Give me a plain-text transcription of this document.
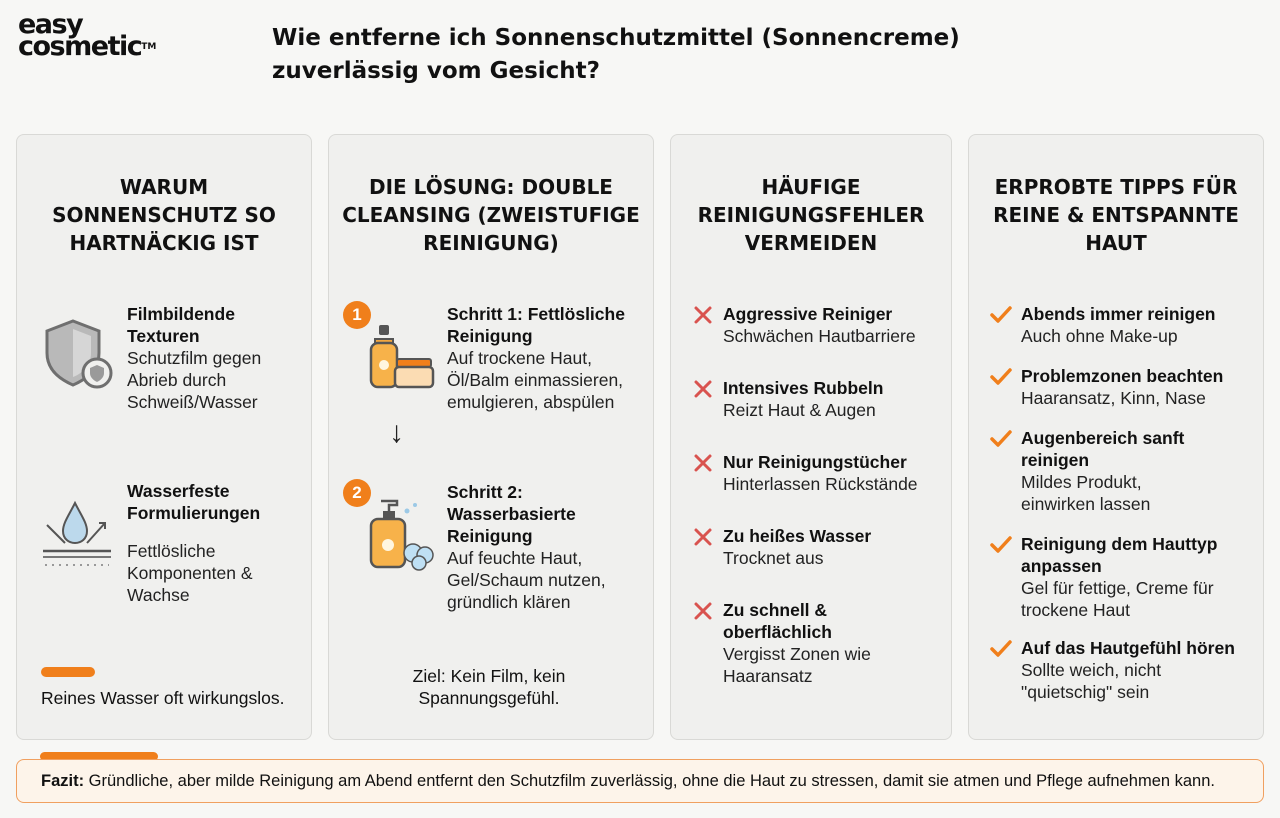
easy
cosmetic™	Wie entferne ich Sonnenschutzmittel (Sonnencreme) zuverlässig vom Gesicht?
WARUM SONNENSCHUTZ SO HARTNÄCKIG IST
Filmbildende Texturen
Schutzfilm gegen Abrieb durch Schweiß/Wasser
Wasserfeste Formulierungen
Fettlösliche Komponenten & Wachse
Reines Wasser oft wirkungslos.
DIE LÖSUNG: DOUBLE CLEANSING (ZWEISTUFIGE REINIGUNG)
1	Schritt 1: Fettlösliche Reinigung
Auf trockene Haut, Öl/Balm einmassieren, emulgieren, abspülen
↓
2	Schritt 2: Wasserbasierte Reinigung
Auf feuchte Haut, Gel/Schaum nutzen, gründlich klären
Ziel: Kein Film, kein Spannungsgefühl.
HÄUFIGE REINIGUNGSFEHLER VERMEIDEN
Aggressive Reiniger
Schwächen Hautbarriere
Intensives Rubbeln
Reizt Haut & Augen
Nur Reinigungstücher
Hinterlassen Rückstände
Zu heißes Wasser
Trocknet aus
Zu schnell & oberflächlich
Vergisst Zonen wie Haaransatz
ERPROBTE TIPPS FÜR REINE & ENTSPANNTE HAUT
Abends immer reinigen
Auch ohne Make-up
Problemzonen beachten
Haaransatz, Kinn, Nase
Augenbereich sanft reinigen
Mildes Produkt, einwirken lassen
Reinigung dem Hauttyp anpassen
Gel für fettige, Creme für trockene Haut
Auf das Hautgefühl hören
Sollte weich, nicht "quietschig" sein
Fazit: Gründliche, aber milde Reinigung am Abend entfernt den Schutzfilm zuverlässig, ohne die Haut zu stressen, damit sie atmen und Pflege aufnehmen kann.
